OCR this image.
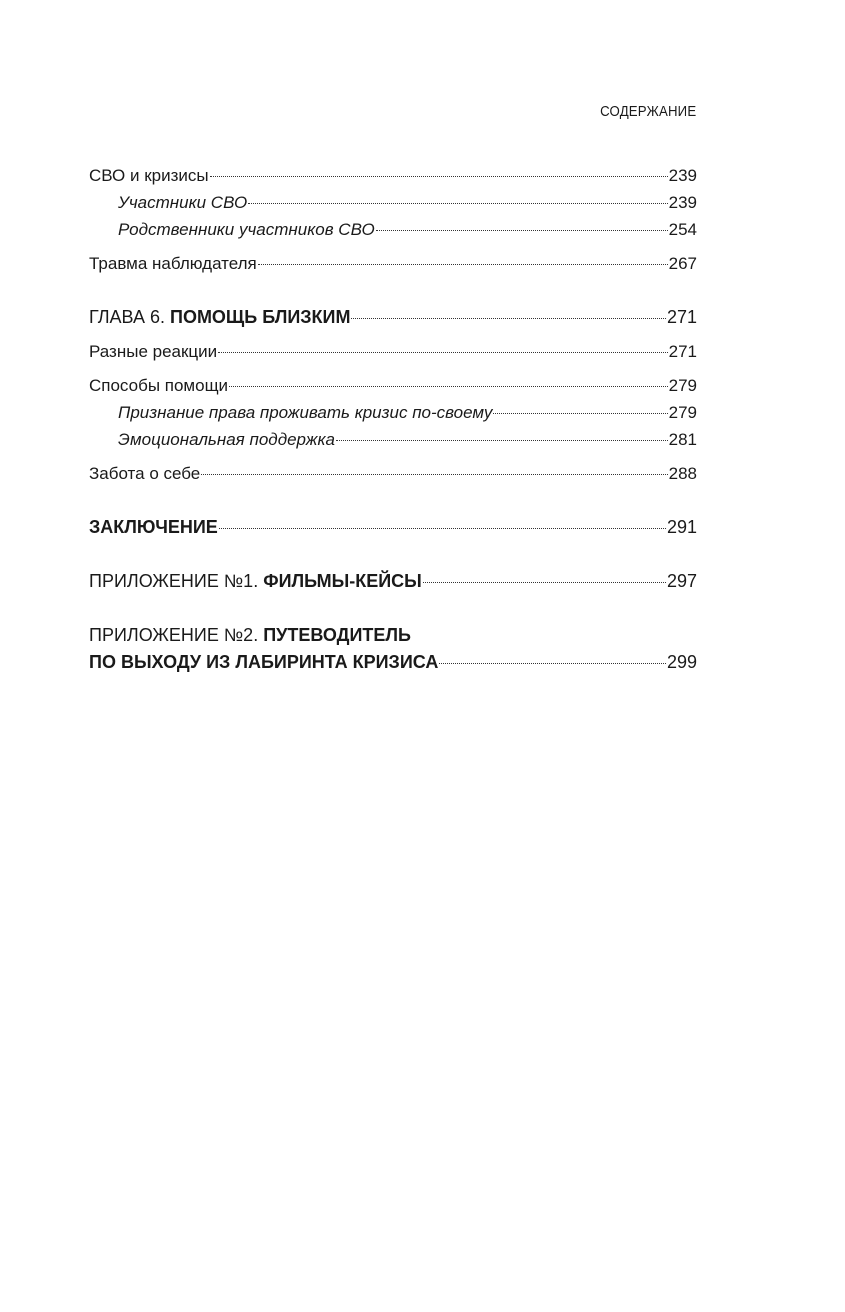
СОДЕРЖАНИЕ
СВО и кризисы	239
Участники СВО	239
Родственники участников СВО	254
Травма наблюдателя	267
ГЛАВА 6. ПОМОЩЬ БЛИЗКИМ	271
Разные реакции	271
Способы помощи	279
Признание права проживать кризис по-своему	279
Эмоциональная поддержка	281
Забота о себе	288
ЗАКЛЮЧЕНИЕ	291
ПРИЛОЖЕНИЕ №1. ФИЛЬМЫ-КЕЙСЫ	297
ПРИЛОЖЕНИЕ №2. ПУТЕВОДИТЕЛЬ
ПО ВЫХОДУ ИЗ ЛАБИРИНТА КРИЗИСА	299
